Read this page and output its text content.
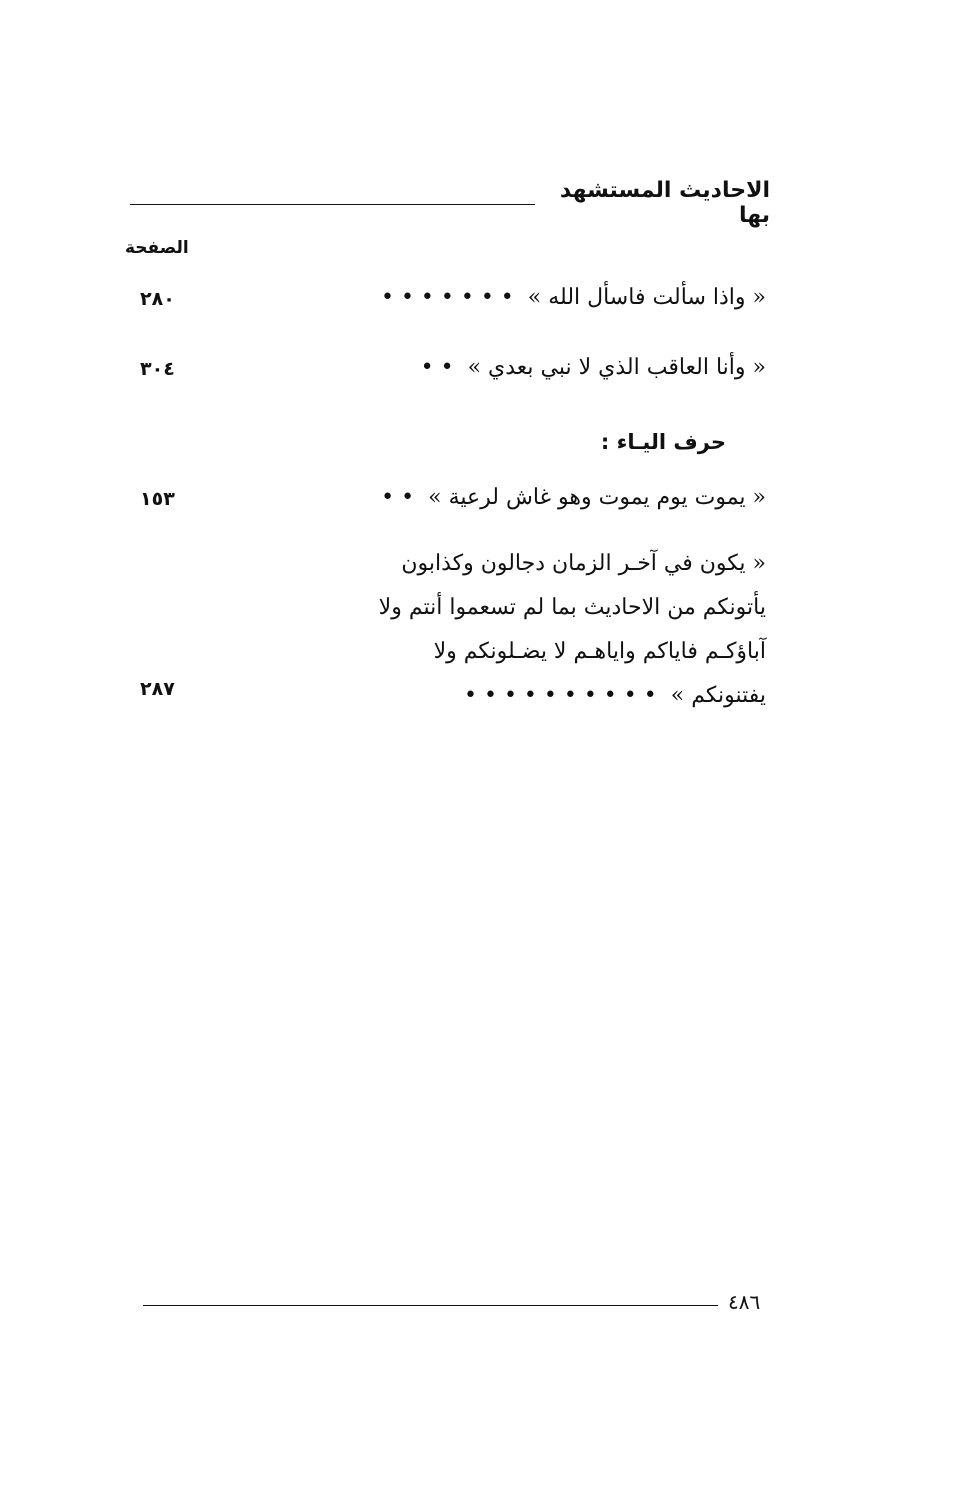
الاحاديث المستشهد بها
الصفحة
« واذا سألت فاسأل الله »• • • • • • •
٢٨٠
« وأنا العاقب الذي لا نبي بعدي »• •
٣٠٤
حرف اليـاء :
« يموت يوم يموت وهو غاش لرعية »• •
١٥٣
« يكون في آخـر الزمان دجالون وكذابون
يأتونكم من الاحاديث بما لم تسعموا أنتم ولا
آباؤكـم فاياكم واياهـم لا يضـلونكم ولا
يفتنونكم »• • • • • • • • • •
٢٨٧
٤٨٦
